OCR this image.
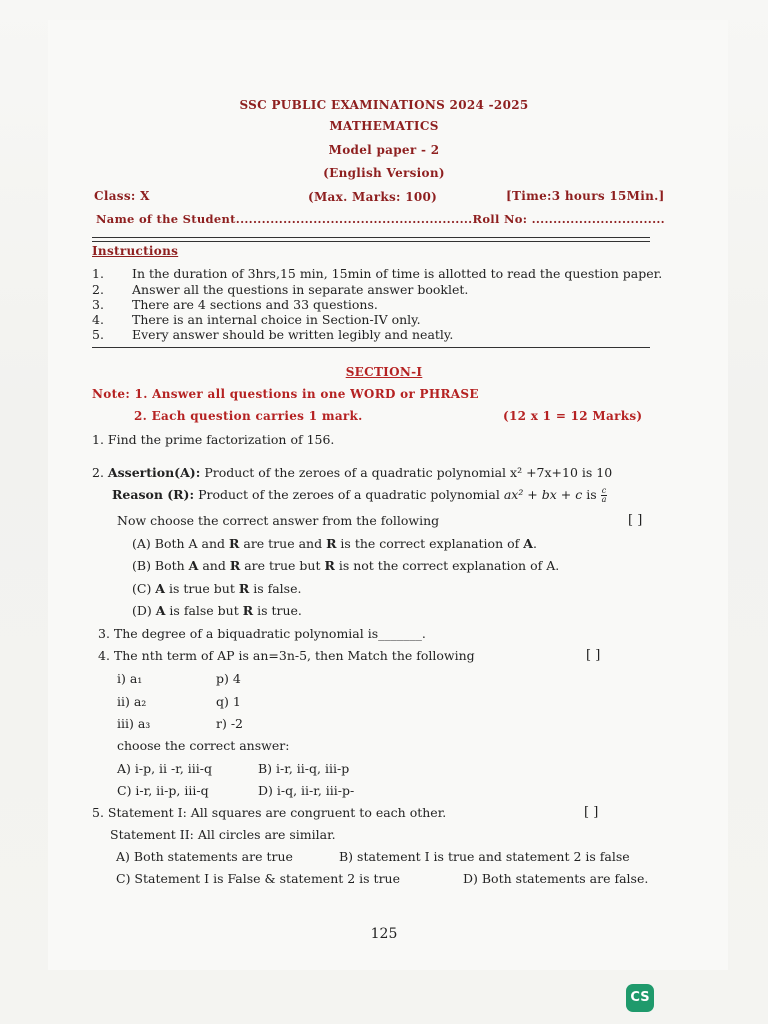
SSC PUBLIC EXAMINATIONS 2024 -2025
MATHEMATICS
Model paper - 2
(English Version)
Class: X	(Max. Marks: 100)	[Time:3 hours 15Min.]
Name of the Student.......................................................Roll No: ...............................
Instructions
1. In the duration of 3hrs,15 min, 15min of time is allotted to read the question paper.
2. Answer all the questions in separate answer booklet.
3. There are 4 sections and 33 questions.
4. There is an internal choice in Section-IV only.
5. Every answer should be written legibly and neatly.
SECTION-I
Note: 1. Answer all questions in one WORD or PHRASE
2. Each question carries 1 mark.	(12 x 1 = 12 Marks)
1. Find the prime factorization of 156.
2. Assertion(A): Product of the zeroes of a quadratic polynomial x² +7x+10 is 10
Reason (R): Product of the zeroes of a quadratic polynomial ax² + bx + c is $\frac{c}{a}$
Now choose the correct answer from the following	[ ]
(A) Both A and R are true and R is the correct explanation of A.
(B) Both A and R are true but R is not the correct explanation of A.
(C) A is true but R is false.
(D) A is false but R is true.
3. The degree of a biquadratic polynomial is_______.
4. The nth term of AP is an=3n-5, then Match the following	[ ]
i) a₁	p) 4
ii) a₂	q) 1
iii) a₃	r) -2
choose the correct answer:
A) i-p, ii -r, iii-q	B) i-r, ii-q, iii-p
C) i-r, ii-p, iii-q	D) i-q, ii-r, iii-p-
5. Statement I: All squares are congruent to each other.	[ ]
Statement II: All circles are similar.
A) Both statements are true	B) statement I is true and statement 2 is false
C) Statement I is False & statement 2 is true	D) Both statements are false.
125
CS
